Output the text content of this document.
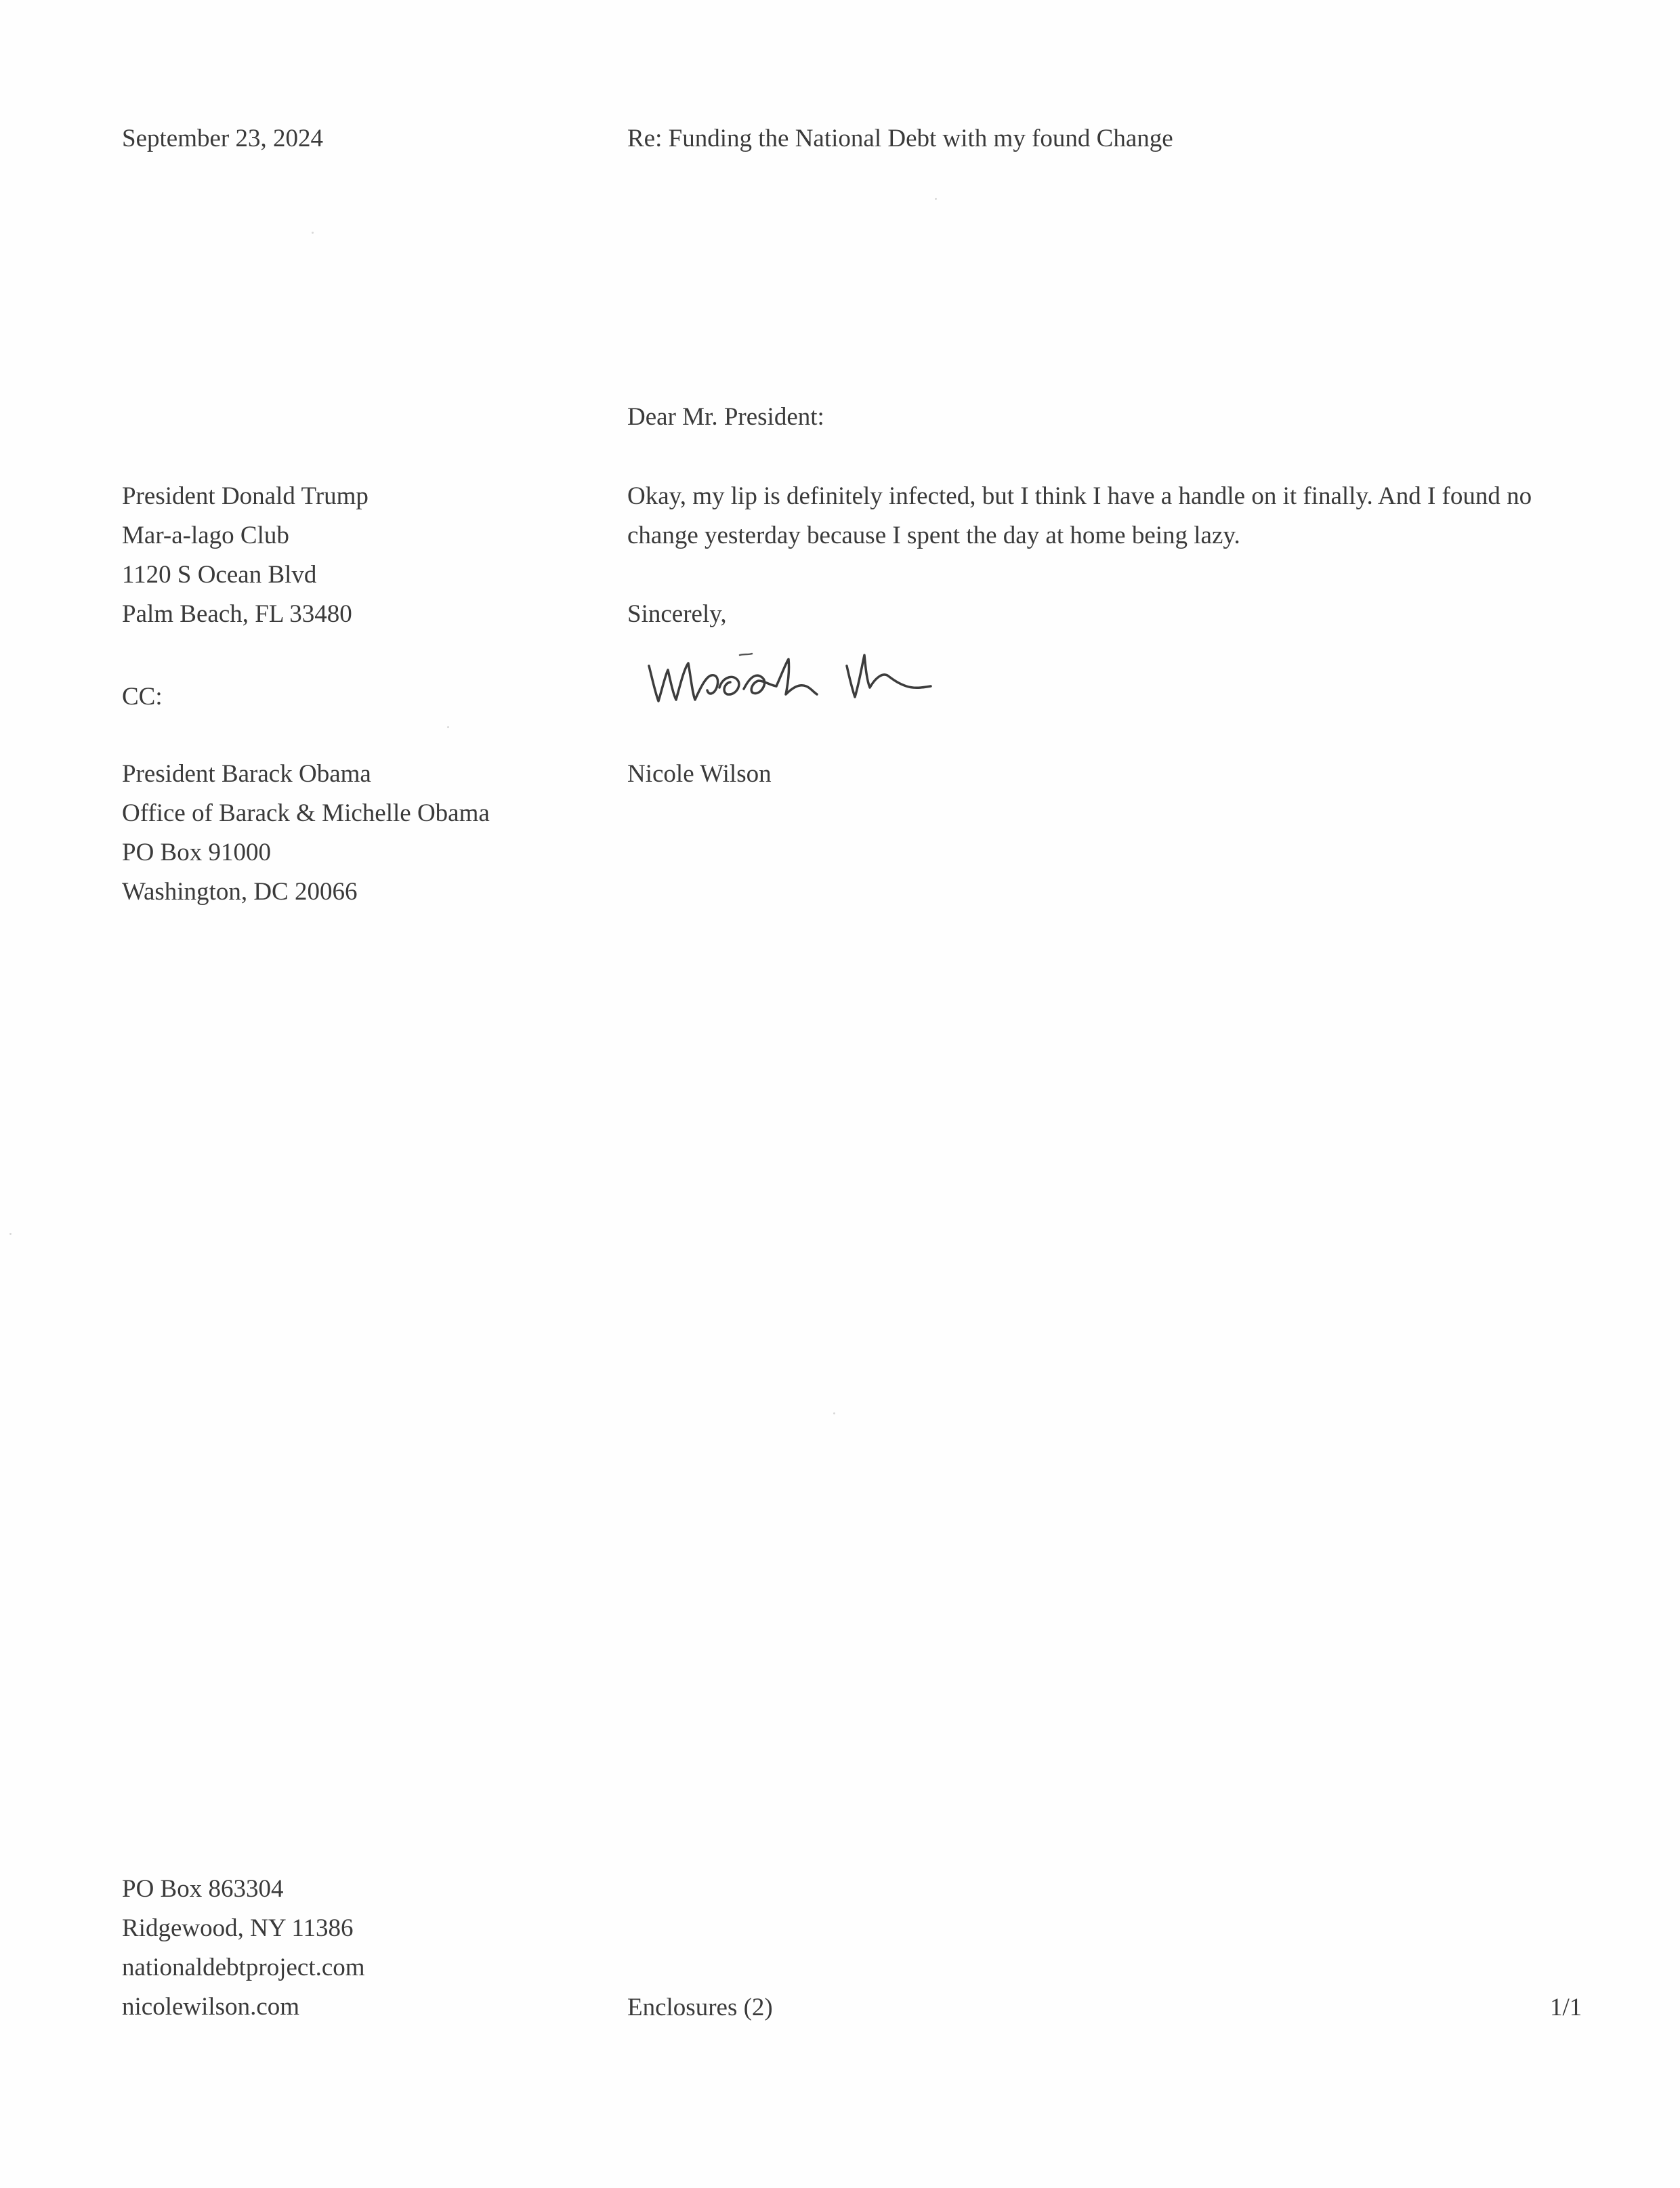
September 23, 2024	Re: Funding the National Debt with my found Change
Dear Mr. President:
President Donald Trump
Mar-a-lago Club
1120 S Ocean Blvd
Palm Beach, FL 33480
Okay, my lip is definitely infected, but I think I have a handle on it finally. And I found no change yesterday because I spent the day at home being lazy.
Sincerely,
CC:
Nicole Wilson
President Barack Obama
Office of Barack & Michelle Obama
PO Box 91000
Washington, DC 20066
PO Box 863304
Ridgewood, NY 11386
nationaldebtproject.com
nicolewilson.com	Enclosures (2)	1/1
